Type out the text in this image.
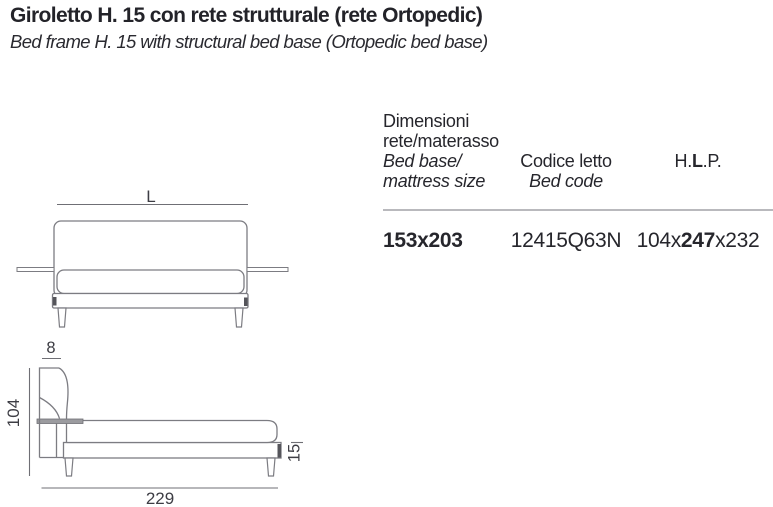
Giroletto H. 15 con rete strutturale (rete Ortopedic)
Bed frame H. 15 with structural bed base (Ortopedic bed base)
Dimensioni
rete/materasso
Bed base/
mattress size
Codice letto
Bed code
H.L.P.
153x203	12415Q63N 104x247x232
L
8
104
229
15
